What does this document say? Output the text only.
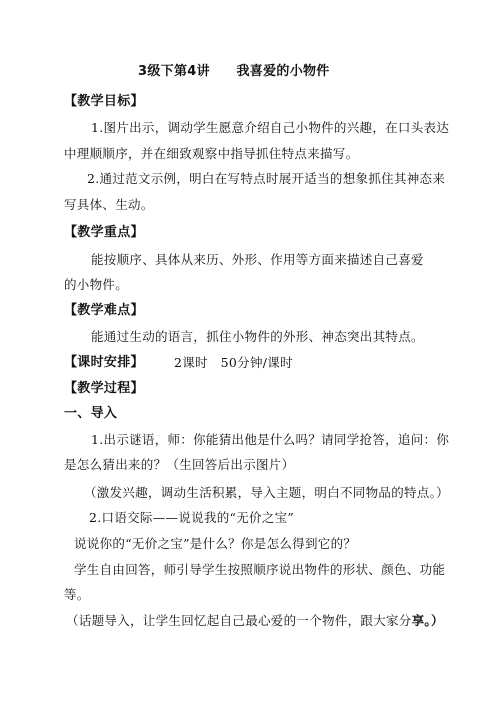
3级下第4讲　　我喜爱的小物件
【教学目标】
1.图片出示，调动学生愿意介绍自己小物件的兴趣，在口头表达
中理顺顺序，并在细致观察中指导抓住特点来描写。
2.通过范文示例，明白在写特点时展开适当的想象抓住其神态来
写具体、生动。
【教学重点】
能按顺序、具体从来历、外形、作用等方面来描述自己喜爱
的小物件。
【教学难点】
能通过生动的语言，抓住小物件的外形、神态突出其特点。
【课时安排】 2课时　50分钟/课时
【教学过程】
一、导入
1.出示谜语，师：你能猜出他是什么吗？请同学抢答，追问：你
是怎么猜出来的？（生回答后出示图片）
（激发兴趣，调动生活积累，导入主题，明白不同物品的特点。）
2.口语交际——说说我的“无价之宝”
说说你的“无价之宝”是什么？你是怎么得到它的？
学生自由回答，师引导学生按照顺序说出物件的形状、颜色、功能
等。
（话题导入，让学生回忆起自己最心爱的一个物件，跟大家分享。）
